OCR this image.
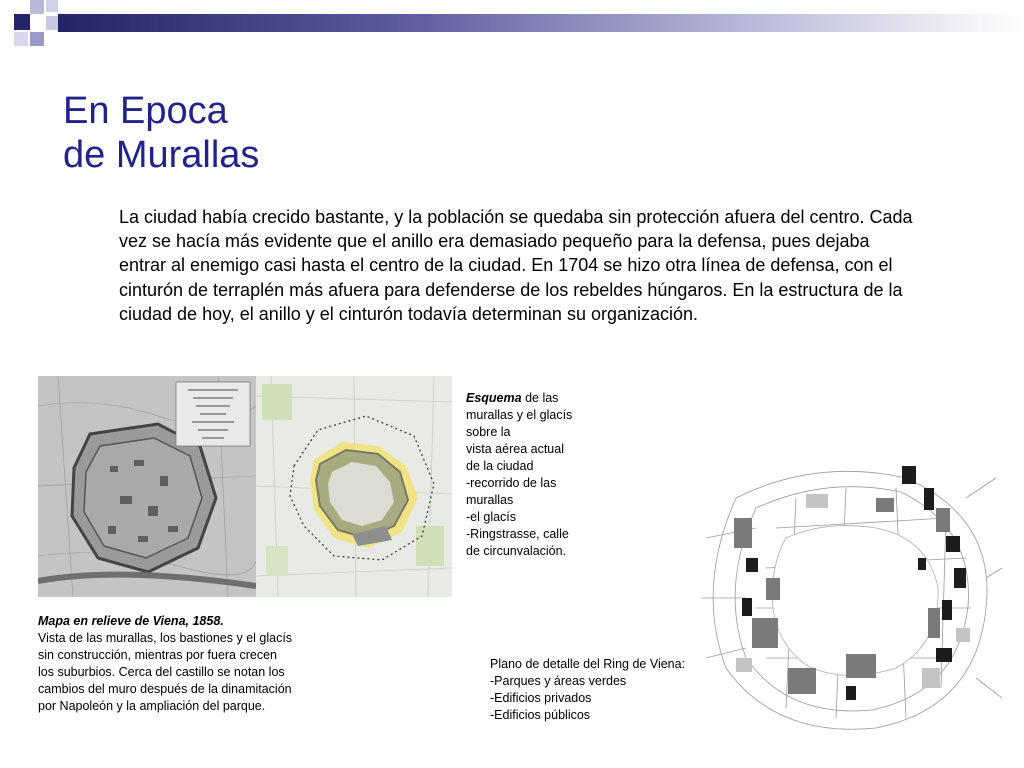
En Epoca
de Murallas

La ciudad había crecido bastante, y la población se quedaba sin protección afuera del centro. Cada vez se hacía más evidente que el anillo era demasiado pequeño para la defensa, pues dejaba entrar al enemigo casi hasta el centro de la ciudad. En 1704 se hizo otra línea de defensa, con el cinturón de terraplén más afuera para defenderse de los rebeldes húngaros. En la estructura de la ciudad de hoy, el anillo y el cinturón todavía determinan su organización.

Mapa en relieve de Viena, 1858.
Vista de las murallas, los bastiones y el glacís
sin construcción, mientras por fuera crecen
los suburbios. Cerca del castillo se notan los
cambios del muro después de la dinamitación
por Napoleón y la ampliación del parque.
Esquema de las
murallas y el glacís
sobre la
vista aérea actual
de la ciudad
-recorrido de las
murallas
-el glacís
-Ringstrasse, calle
de circunvalación.
Plano de detalle del Ring de Viena:
-Parques y áreas verdes
-Edificios privados
-Edificios públicos
